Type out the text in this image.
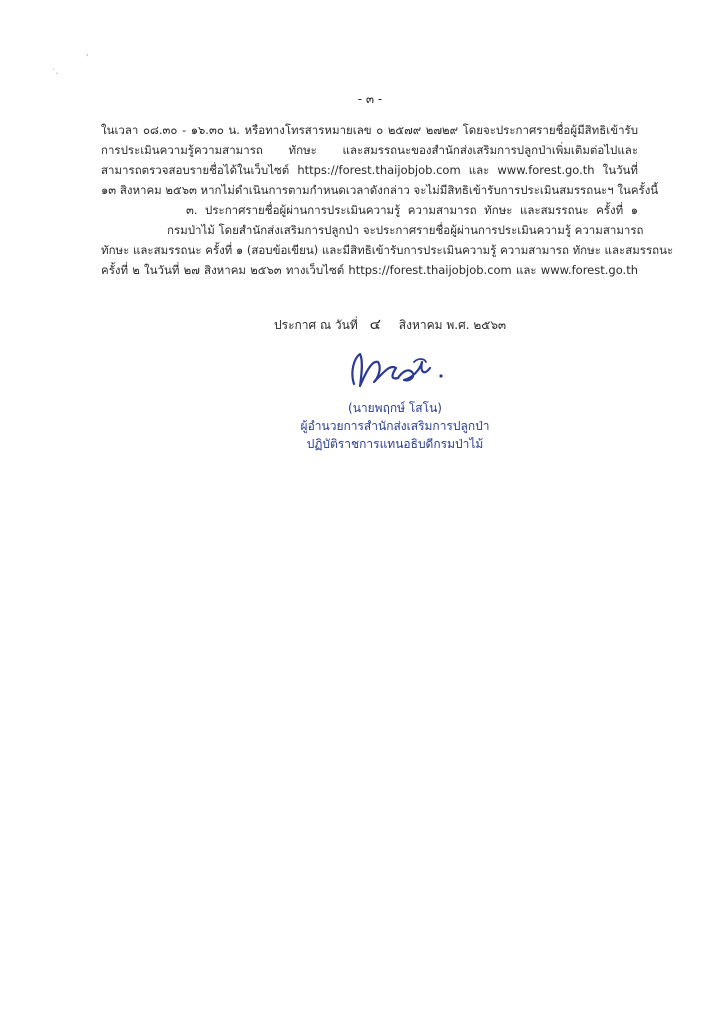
·ˏ
'
- ๓ -
ในเวลา ๐๘.๓๐ - ๑๖.๓๐ น. หรือทางโทรสารหมายเลข ๐ ๒๕๗๙ ๒๗๒๙ โดยจะประกาศรายชื่อผู้มีสิทธิเข้ารับ
การประเมินความรู้ความสามารถ ทักษะ และสมรรถนะของสำนักส่งเสริมการปลูกป่าเพิ่มเติมต่อไปและ
สามารถตรวจสอบรายชื่อได้ในเว็บไซต์ https://forest.thaijobjob.com และ www.forest.go.th ในวันที่
๑๓ สิงหาคม ๒๕๖๓ หากไม่ดำเนินการตามกำหนดเวลาดังกล่าว จะไม่มีสิทธิเข้ารับการประเมินสมรรถนะฯ ในครั้งนี้
๓. ประกาศรายชื่อผู้ผ่านการประเมินความรู้ ความสามารถ ทักษะ และสมรรถนะ ครั้งที่ ๑
กรมป่าไม้ โดยสำนักส่งเสริมการปลูกป่า จะประกาศรายชื่อผู้ผ่านการประเมินความรู้ ความสามารถ
ทักษะ และสมรรถนะ ครั้งที่ ๑ (สอบข้อเขียน) และมีสิทธิเข้ารับการประเมินความรู้ ความสามารถ ทักษะ และสมรรถนะ
ครั้งที่ ๒ ในวันที่ ๒๗ สิงหาคม ๒๕๖๓ ทางเว็บไซต์ https://forest.thaijobjob.com และ www.forest.go.th
ประกาศ ณ วันที่ ๔ สิงหาคม พ.ศ. ๒๕๖๓
(นายพฤกษ์ โสโน)
ผู้อำนวยการสำนักส่งเสริมการปลูกป่า
ปฏิบัติราชการแทนอธิบดีกรมป่าไม้
